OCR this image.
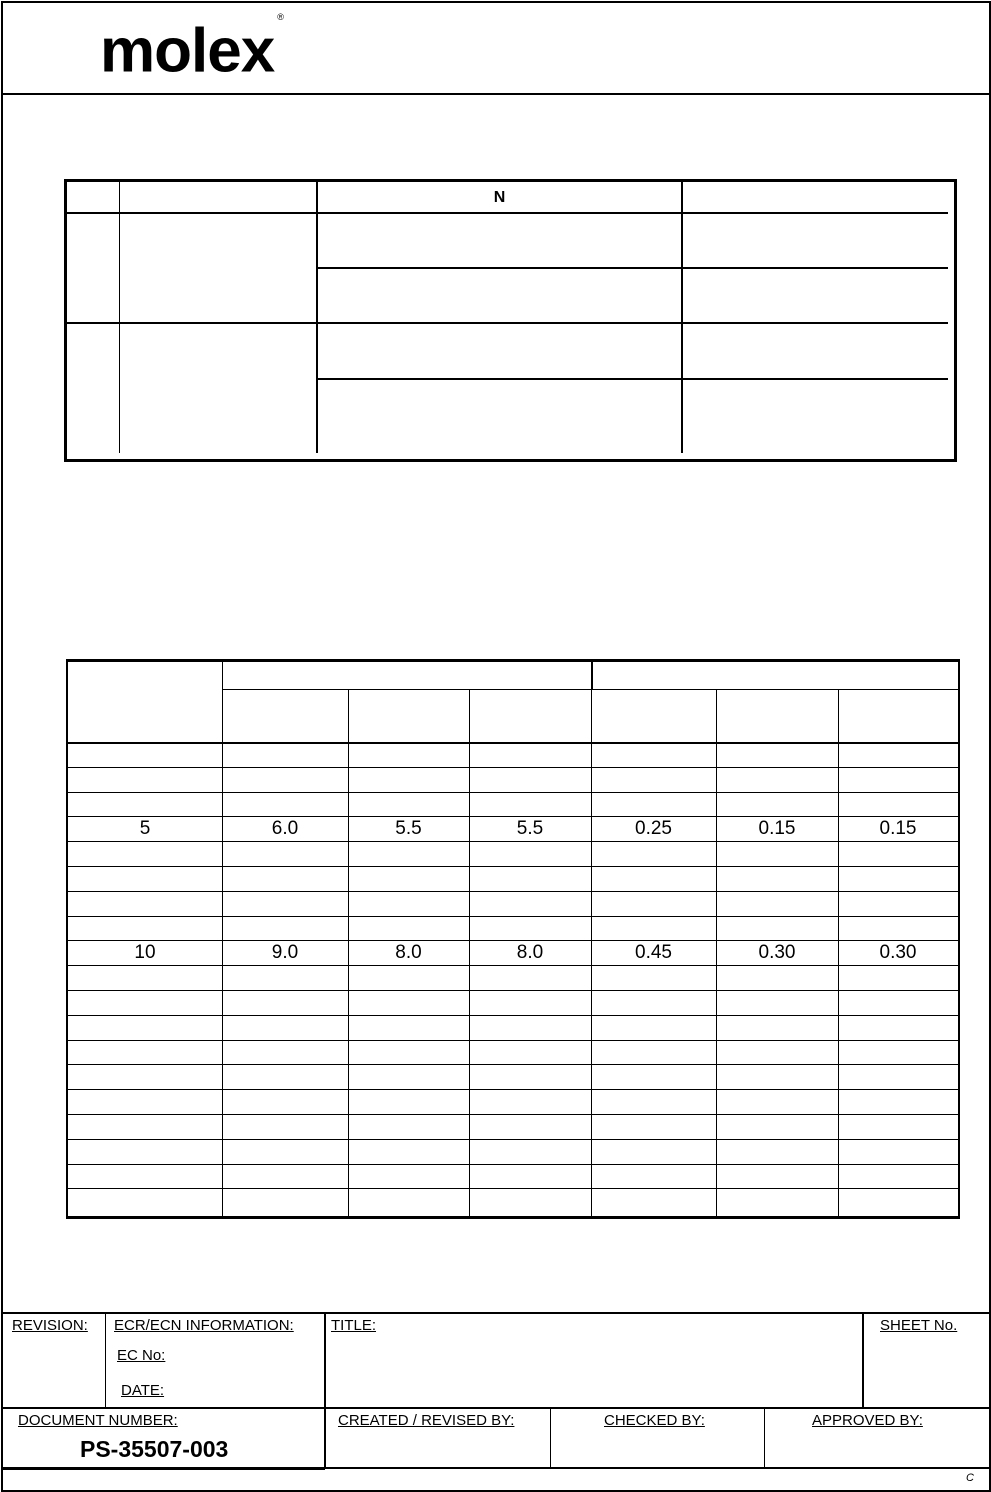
molex ®
N
5	6.0	5.5	5.5	0.25	0.15	0.15
10	9.0	8.0	8.0	0.45	0.30	0.30
REVISION: ECR/ECN INFORMATION:
EC No:
DATE:
TITLE:	SHEET No.
DOCUMENT NUMBER:
PS-35507-003
CREATED / REVISED BY:	CHECKED BY:	APPROVED BY:
C
